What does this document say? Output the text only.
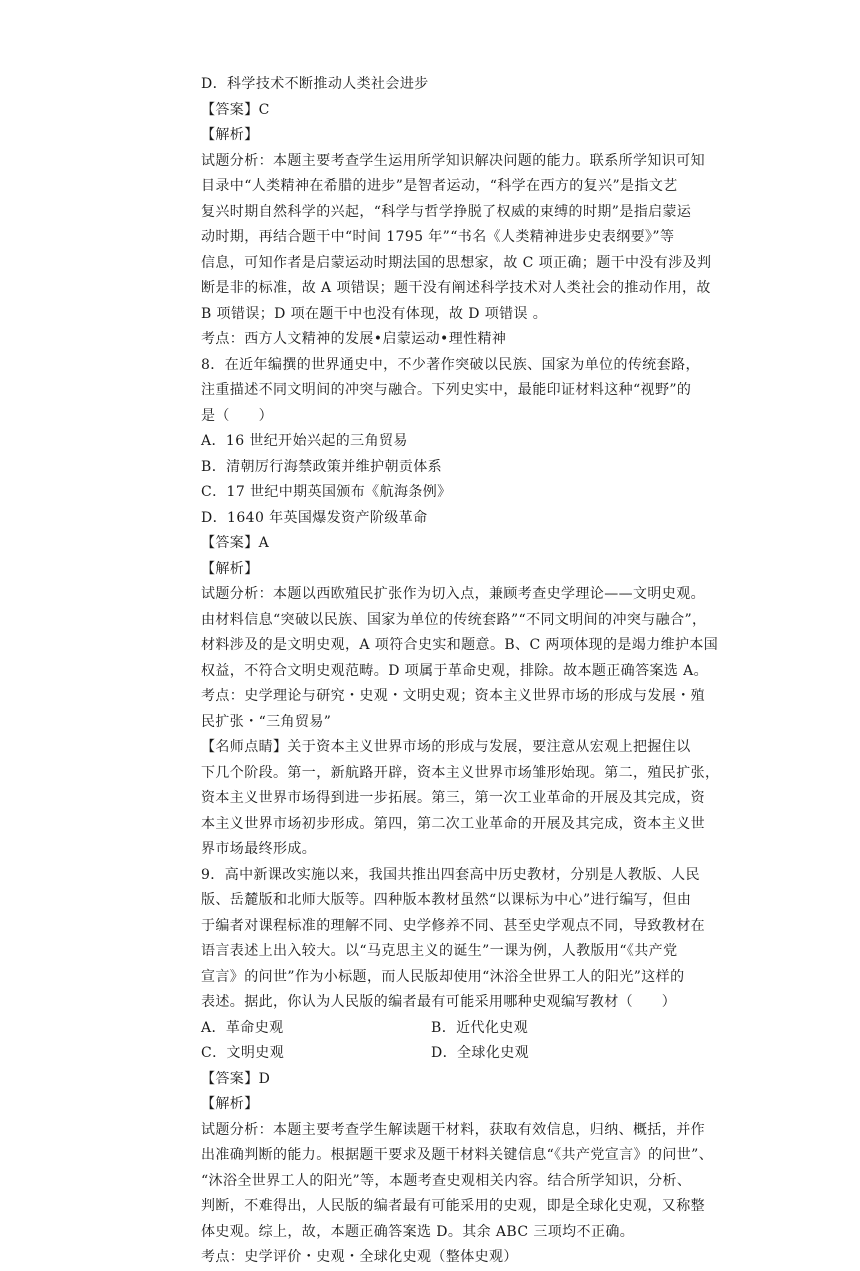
D．科学技术不断推动人类社会进步
【答案】C
【解析】
试题分析：本题主要考查学生运用所学知识解决问题的能力。联系所学知识可知
目录中“人类精神在希腊的进步”是智者运动，“科学在西方的复兴”是指文艺
复兴时期自然科学的兴起，“科学与哲学挣脱了权威的束缚的时期”是指启蒙运
动时期，再结合题干中“时间 1795 年”“书名《人类精神进步史表纲要》”等
信息，可知作者是启蒙运动时期法国的思想家，故 C 项正确；题干中没有涉及判
断是非的标准，故 A 项错误；题干没有阐述科学技术对人类社会的推动作用，故
B 项错误；D 项在题干中也没有体现，故 D 项错误 。
考点：西方人文精神的发展•启蒙运动•理性精神
8．在近年编撰的世界通史中，不少著作突破以民族、国家为单位的传统套路，
注重描述不同文明间的冲突与融合。下列史实中，最能印证材料这种“视野”的
是（　　）
A．16 世纪开始兴起的三角贸易
B．清朝厉行海禁政策并维护朝贡体系
C．17 世纪中期英国颁布《航海条例》
D．1640 年英国爆发资产阶级革命
【答案】A
【解析】
试题分析：本题以西欧殖民扩张作为切入点，兼顾考查史学理论——文明史观。
由材料信息“突破以民族、国家为单位的传统套路”“不同文明间的冲突与融合”，
材料涉及的是文明史观，A 项符合史实和题意。B、C 两项体现的是竭力维护本国
权益，不符合文明史观范畴。D 项属于革命史观，排除。故本题正确答案选 A。
考点：史学理论与研究・史观・文明史观；资本主义世界市场的形成与发展・殖
民扩张・“三角贸易”
【名师点睛】关于资本主义世界市场的形成与发展，要注意从宏观上把握住以
下几个阶段。第一，新航路开辟，资本主义世界市场雏形始现。第二，殖民扩张，
资本主义世界市场得到进一步拓展。第三，第一次工业革命的开展及其完成，资
本主义世界市场初步形成。第四，第二次工业革命的开展及其完成，资本主义世
界市场最终形成。
9．高中新课改实施以来，我国共推出四套高中历史教材，分别是人教版、人民
版、岳麓版和北师大版等。四种版本教材虽然“以课标为中心”进行编写，但由
于编者对课程标准的理解不同、史学修养不同、甚至史学观点不同，导致教材在
语言表述上出入较大。以“马克思主义的诞生”一课为例，人教版用“《共产党
宣言》的问世”作为小标题，而人民版却使用“沐浴全世界工人的阳光”这样的
表述。据此，你认为人民版的编者最有可能采用哪种史观编写教材（　　）
A．革命史观	B．近代化史观
C．文明史观	D．全球化史观
【答案】D
【解析】
试题分析：本题主要考查学生解读题干材料，获取有效信息，归纳、概括，并作
出准确判断的能力。根据题干要求及题干材料关键信息“《共产党宣言》的问世”、
“沐浴全世界工人的阳光”等，本题考查史观相关内容。结合所学知识，分析、
判断，不难得出，人民版的编者最有可能采用的史观，即是全球化史观，又称整
体史观。综上，故，本题正确答案选 D。其余 ABC 三项均不正确。
考点：史学评价・史观・全球化史观（整体史观）
